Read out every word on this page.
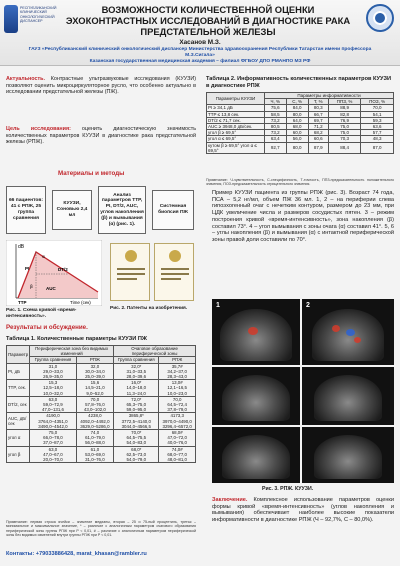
РЕСПУБЛИКАНСКИЙ КЛИНИЧЕСКИЙ ОНКОЛОГИЧЕСКИЙ ДИСПАНСЕР
ВОЗМОЖНОСТИ КОЛИЧЕСТВЕННОЙ ОЦЕНКИ ЭХОКОНТРАСТНЫХ ИССЛЕДОВАНИЙ В ДИАГНОСТИКЕ РАКА ПРЕДСТАТЕЛЬНОЙ ЖЕЛЕЗЫ
Хасанов М.З.
ГАУЗ «Республиканский клинический онкологический диспансер Министерства здравоохранения Республики Татарстан имени профессора М.З.Сигала»
Казанская государственная медицинская академия – филиал ФГБОУ ДПО РМАНПО МЗ РФ
Актуальность. Контрастные ультразвуковые исследования (КУУЗИ) позволяют оценить микроциркуляторное русло, что особенно актуально в исследовании предстательной железы (ПЖ).
Цель исследования: оценить диагностическую значимость количественных параметров КУУЗИ в диагностике рака предстательной железы (РПЖ).
Материалы и методы
66 пациентов: 41 с РПЖ, 25 группа сравнения
КУУЗИ, Соновью 2,4 мл
Анализ параметров TTP, PI, DT/2, AUC, углов накопления (β) и вымывания (α) (рис. 1).
Системная биопсия ПЖ
dB
PI	DT/2
AUC
TTP
β
α
Time (сек)
Рис. 1. Схема кривой «время-интенсивность».
Рис. 2. Патенты на изобретения.
Результаты и обсуждение.
Таблица 1. Количественные параметры КУУЗИ ПЖ
Параметр	Периферическая зона без видимых изменений		Очаговое образование периферической зоны	
	Группа сравнения	РПЖ	Группа сравнения	РПЖ
PI, дБ	31,0
29,0–33,0
26,9–35,0	32,0
30,0–34,0
25,0–39,0	32,0*
31,0–33,5
28,0–39,6	35,7#
34,2–37,0
28,3–43,0
TTP, сек.	15,3
12,5–18,0
10,0–32,0	15,6
14,5–21,0
9,0–52,0	16,0*
14,0–18,0
11,3–24,0	13,0#
12,1–16,5
10,0–23,0
DT/2, сек	63,0
59,0–72,9
47,0–131,6	70,0
57,8–76,0
43,0–102,0	72,0*
65,3–75,0
59,0–95,0	70,0
64,5–72,4
37,8–79,0
AUC, дБ/сек	4190,0
3764,0–4351,0
3490,0–4542,0	4238,0
4092,0–4492,0
3629,0–5286,0	3865,8*
3772,5–4140,0
3044,0–4566,5	4173,3
3970,0–4490,0
3296,4–6572,0
угол α	75,0
66,0–78,0
37,0–87,0	74,0
61,0–79,0
56,0–88,0	70,0*
64,5–75,5
54,0–83,0	68,0#
47,0–72,0
40,0–76,0
угол β	63,0
47,0–67,0
20,0–70,0	61,0
53,0–69,0
31,0–76,0	68,0*
62,5–73,0
54,0–79,0	74,0#
68,0–77,0
48,0–81,0
Примечание: первая строка ячейки – значение медианы, вторая – 25 и 75-ный процентиль, третья – минимальное и максимальное значение, * – различие с аналогичным параметром очагового образования периферической зоны группы РПЖ при P < 0,01, # – различие с аналогичным параметром периферической зоны без видимых изменений внутри группы РПЖ при P < 0,01.
Таблица 2. Информативность количественных параметров КУУЗИ в диагностике РПЖ
Параметры КУУЗИ	Параметры информативности				
	Ч, %	С, %	Т, %	ППЗ, %	ПОЗ, %
PI ≥ 34,1 дБ	75,6	84,0	80,3	88,9	70,0
TTP ≤ 13,8 сек.	58,5	80,0	66,7	82,8	54,1
DT/2 ≤ 71,7 сек.	73,2	64,0	69,7	76,9	59,3
AUC ≥ 3948,0 дБ/сек.	80,5	68,0	71,2	75,0	63,6
угол β ≥ 69,5°	73,2	60,0	68,2	75,0	57,7
угол α ≤ 69,5°	63,4	56,0	60,6	70,3	48,3
кутом β ≥ 69,5° угол α ≤ 69,5°	92,7	80,0	87,9	88,4	87,0
Примечание: Ч-чувствительность, С-специфичность, Т-точность, ППЗ-предсказательность положительного значения, ПОЗ-предсказательность отрицательного значения.
Пример КУУЗИ пациента из группы РПЖ (рис. 3). Возраст 74 года, ПСА – 5,2 нг/мл, объем ПЖ 36 мл. 1, 2 – на периферии слева гипоэхогенный очаг с нечетким контуром, размером до 23 мм, при ЦДК увеличение числа и размеров сосудистых пятен. 3 – режим построения кривой «время-интенсивность», зона накопления (β) составил 73°. 4 – угол вымывания с зоны очага (α) составил 41°. 5, 6 – углы накопления (β) и вымывания (α) с интактной периферической зоны правой доли составили по 70°.
1	2
Рис. 3. РПЖ. КУУЗИ.
Заключение. Комплексное использование параметров оценки формы кривой «время-интенсивность» (углов накопления и вымывания) обеспечивает наиболее высокие показатели информативности в диагностике РПЖ (Ч – 92,7%, С – 80,0%).
Контакты: +79033886428, marat_khasan@rambler.ru
